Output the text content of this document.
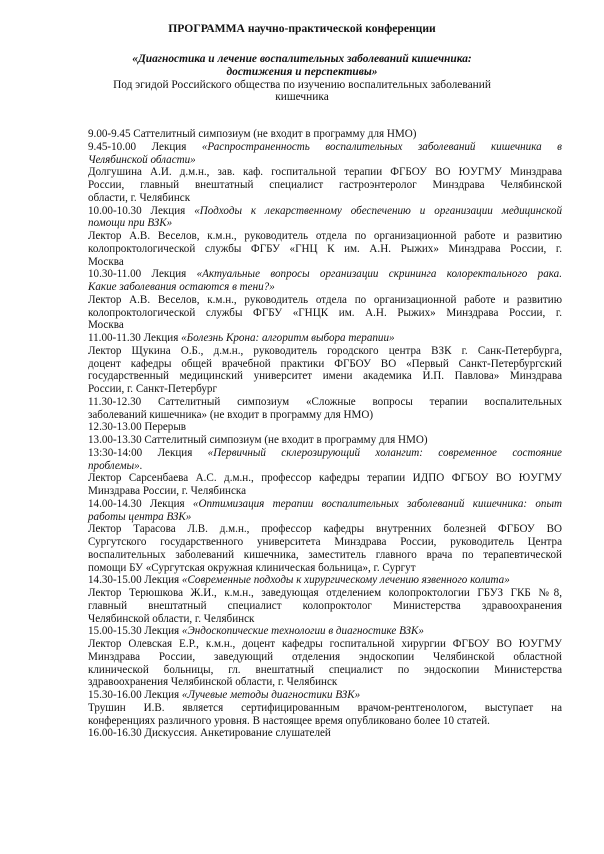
ПРОГРАММА научно-практической конференции
«Диагностика и лечение воспалительных заболеваний кишечника:
достижения и перспективы»
Под эгидой Российского общества по изучению воспалительных заболеваний
кишечника
9.00-9.45 Саттелитный симпозиум (не входит в программу для НМО)
9.45-10.00 Лекция «Распространенность воспалительных заболеваний кишечника в
Челябинской области»
Долгушина А.И. д.м.н., зав. каф. госпитальной терапии ФГБОУ ВО ЮУГМУ Минздрава
России, главный внештатный специалист гастроэнтеролог Минздрава Челябинской
области, г. Челябинск
10.00-10.30 Лекция «Подходы к лекарственному обеспечению и организации медицинской
помощи при ВЗК»
Лектор А.В. Веселов, к.м.н., руководитель отдела по организационной работе и развитию
колопроктологической службы ФГБУ «ГНЦ К им. А.Н. Рыжих» Минздрава России, г.
Москва
10.30-11.00 Лекция «Актуальные вопросы организации скрининга колоректального рака.
Какие заболевания остаются в тени?»
Лектор А.В. Веселов, к.м.н., руководитель отдела по организационной работе и развитию
колопроктологической службы ФГБУ «ГНЦК им. А.Н. Рыжих» Минздрава России, г.
Москва
11.00-11.30 Лекция «Болезнь Крона: алгоритм выбора терапии»
Лектор Щукина О.Б., д.м.н., руководитель городского центра ВЗК г. Санк-Петербурга,
доцент кафедры общей врачебной практики ФГБОУ ВО «Первый Санкт-Петербургский
государственный медицинский университет имени академика И.П. Павлова» Минздрава
России, г. Санкт-Петербург
11.30-12.30 Саттелитный симпозиум «Сложные вопросы терапии воспалительных
заболеваний кишечника» (не входит в программу для НМО)
12.30-13.00 Перерыв
13.00-13.30 Саттелитный симпозиум (не входит в программу для НМО)
13:30-14:00 Лекция «Первичный склерозирующий холангит: современное состояние
проблемы».
Лектор Сарсенбаева А.С. д.м.н., профессор кафедры терапии ИДПО ФГБОУ ВО ЮУГМУ
Минздрава России, г. Челябинска
14.00-14.30 Лекция «Оптимизация терапии воспалительных заболеваний кишечника: опыт
работы центра ВЗК»
Лектор Тарасова Л.В. д.м.н., профессор кафедры внутренних болезней ФГБОУ ВО
Сургутского государственного университета Минздрава России, руководитель Центра
воспалительных заболеваний кишечника, заместитель главного врача по терапевтической
помощи БУ «Сургутская окружная клиническая больница», г. Сургут
14.30-15.00 Лекция «Современные подходы к хирургическому лечению язвенного колита»
Лектор Терюшкова Ж.И., к.м.н., заведующая отделением колопроктологии ГБУЗ ГКБ №8,
главный внештатный специалист колопроктолог Министерства здравоохранения
Челябинской области, г. Челябинск
15.00-15.30 Лекция «Эндоскопические технологии в диагностике ВЗК»
Лектор Олевская Е.Р., к.м.н., доцент кафедры госпитальной хирургии ФГБОУ ВО ЮУГМУ
Минздрава России, заведующий отделения эндоскопии Челябинской областной
клинической больницы, гл. внештатный специалист по эндоскопии Министерства
здравоохранения Челябинской области, г. Челябинск
15.30-16.00 Лекция «Лучевые методы диагностики ВЗК»
Трушин И.В. является сертифицированным врачом-рентгенологом, выступает на
конференциях различного уровня. В настоящее время опубликовано более 10 статей.
16.00-16.30 Дискуссия. Анкетирование слушателей
